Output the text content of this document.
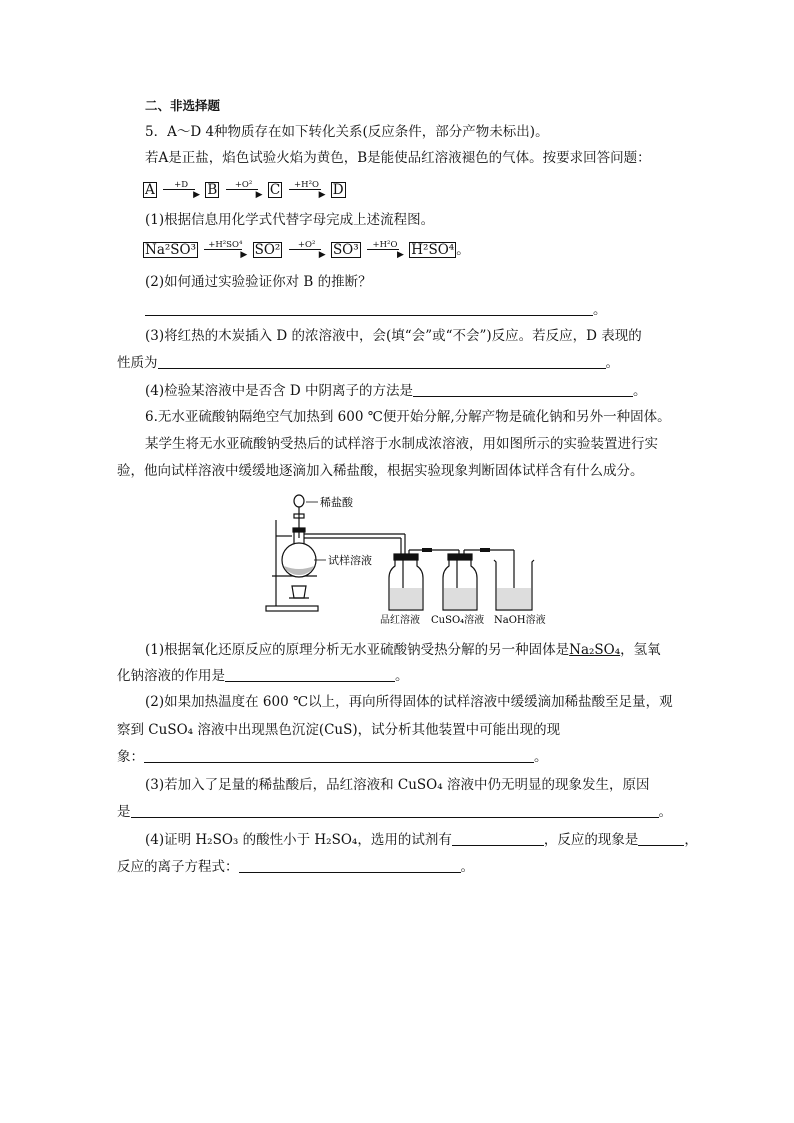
二、非选择题
5．A～D 4种物质存在如下转化关系(反应条件，部分产物未标出)。
若A是正盐，焰色试验火焰为黄色，B是能使品红溶液褪色的气体。按要求回答问题：
A	+D
▶ B	+O²
▶ C	+H²O
▶ D
(1)根据信息用化学式代替字母完成上述流程图。
Na²SO³	+H²SO⁴
▶ SO²	+O²
▶ SO³	+H²O
▶ H²SO⁴ 。
(2)如何通过实验验证你对 B 的推断？
。
(3)将红热的木炭插入 D 的浓溶液中，会(填“会”或“不会”)反应。若反应，D 表现的
性质为	。
(4)检验某溶液中是否含 D 中阴离子的方法是	。
6.无水亚硫酸钠隔绝空气加热到 600 ℃便开始分解,分解产物是硫化钠和另外一种固体。
某学生将无水亚硫酸钠受热后的试样溶于水制成浓溶液，用如图所示的实验装置进行实
验，他向试样溶液中缓缓地逐滴加入稀盐酸，根据实验现象判断固体试样含有什么成分。
稀盐酸
试样溶液
品红溶液 CuSO₄溶液 NaOH溶液
(1)根据氧化还原反应的原理分析无水亚硫酸钠受热分解的另一种固体是Na₂SO₄，氢氧
化钠溶液的作用是	。
(2)如果加热温度在 600 ℃以上，再向所得固体的试样溶液中缓缓滴加稀盐酸至足量，观
察到 CuSO₄ 溶液中出现黑色沉淀(CuS)，试分析其他装置中可能出现的现
象：	。
(3)若加入了足量的稀盐酸后，品红溶液和 CuSO₄ 溶液中仍无明显的现象发生，原因
是	。
(4)证明 H₂SO₃ 的酸性小于 H₂SO₄，选用的试剂有	，反应的现象是	，
反应的离子方程式：	。
